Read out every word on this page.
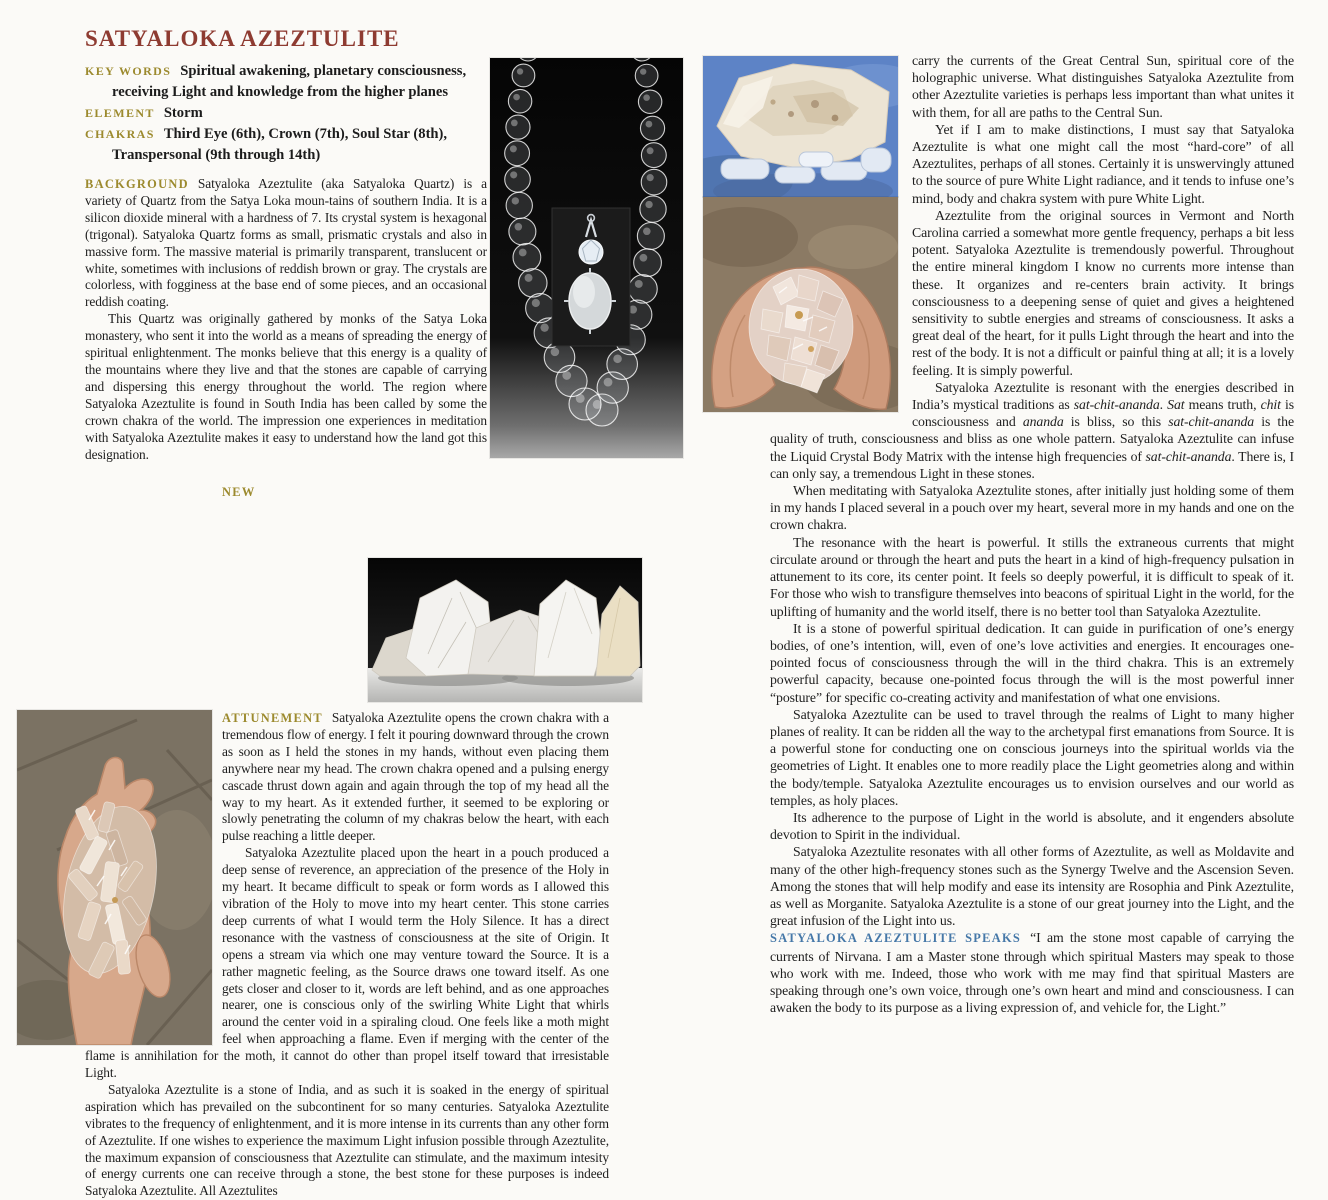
SATYALOKA AZEZTULITE
KEY WORDS Spiritual awakening, planetary consciousness, receiving Light and knowledge from the higher planes
ELEMENT Storm
CHAKRAS Third Eye (6th), Crown (7th), Soul Star (8th), Transpersonal (9th through 14th)

BACKGROUND Satyaloka Azeztulite (aka Satyaloka Quartz) is a variety of Quartz from the Satya Loka moun-tains of southern India. It is a silicon dioxide mineral with a hardness of 7. Its crystal system is hexagonal (trigonal). Satyaloka Quartz forms as small, prismatic crystals and also in massive form. The massive material is primarily transparent, translucent or white, sometimes with inclusions of reddish brown or gray. The crystals are colorless, with fogginess at the base end of some pieces, and an occasional reddish coating.

This Quartz was originally gathered by monks of the Satya Loka monastery, who sent it into the world as a means of spreading the energy of spiritual enlightenment. The monks believe that this energy is a quality of the mountains where they live and that the stones are capable of carrying and dispersing this energy throughout the world. The region where Satyaloka Azeztulite is found in South India has been called by some the crown chakra of the world. The impression one experiences in meditation with Satyaloka Azeztulite makes it easy to understand how the land got this designation.

NEW ATTUNEMENT Satyaloka Azeztulite opens the crown chakra with a tremendous flow of energy. I felt it pouring downward through the crown as soon as I held the stones in my hands, without even placing them anywhere near my head. The crown chakra opened and a pulsing energy cascade thrust down again and again through the top of my head all the way to my heart. As it extended further, it seemed to be exploring or slowly penetrating the column of my chakras below the heart, with each pulse reaching a little deeper.

Satyaloka Azeztulite placed upon the heart in a pouch produced a deep sense of reverence, an appreciation of the presence of the Holy in my heart. It became difficult to speak or form words as I allowed this vibration of the Holy to move into my heart center. This stone carries deep currents of what I would term the Holy Silence. It has a direct resonance with the vastness of consciousness at the site of Origin. It opens a stream via which one may venture toward the Source. It is a rather magnetic feeling, as the Source draws one toward itself. As one gets closer and closer to it, words are left behind, and as one approaches nearer, one is conscious only of the swirling White Light that whirls around the center void in a spiraling cloud. One feels like a moth might feel when approaching a flame. Even if merging with the center of the flame is annihilation for the moth, it cannot do other than propel itself toward that irresistable Light.

Satyaloka Azeztulite is a stone of India, and as such it is soaked in the energy of spiritual aspiration which has prevailed on the subcontinent for so many centuries. Satyaloka Azeztulite vibrates to the frequency of enlightenment, and it is more intense in its currents than any other form of Azeztulite. If one wishes to experience the maximum Light infusion possible through Azeztulite, the maximum expansion of consciousness that Azeztulite can stimulate, and the maximum intesity of energy currents one can receive through a stone, the best stone for these purposes is indeed Satyaloka Azeztulite. All Azeztulites

carry the currents of the Great Central Sun, spiritual core of the holographic universe. What distinguishes Satyaloka Azeztulite from other Azeztulite varieties is perhaps less important than what unites it with them, for all are paths to the Central Sun.

Yet if I am to make distinctions, I must say that Satyaloka Azeztulite is what one might call the most “hard-core” of all Azeztulites, perhaps of all stones. Certainly it is unswervingly attuned to the source of pure White Light radiance, and it tends to infuse one’s mind, body and chakra system with pure White Light.

Azeztulite from the original sources in Vermont and North Carolina carried a somewhat more gentle frequency, perhaps a bit less potent. Satyaloka Azeztulite is tremendously powerful. Throughout the entire mineral kingdom I know no currents more intense than these. It organizes and re-centers brain activity. It brings consciousness to a deepening sense of quiet and gives a heightened sensitivity to subtle energies and streams of consciousness. It asks a great deal of the heart, for it pulls Light through the heart and into the rest of the body. It is not a difficult or painful thing at all; it is a lovely feeling. It is simply powerful.

Satyaloka Azeztulite is resonant with the energies described in India’s mystical traditions as sat-chit-ananda. Sat means truth, chit is consciousness and ananda is bliss, so this sat-chit-ananda is the quality of truth, consciousness and bliss as one whole pattern. Satyaloka Azeztulite can infuse the Liquid Crystal Body Matrix with the intense high frequencies of sat-chit-ananda. There is, I can only say, a tremendous Light in these stones.

When meditating with Satyaloka Azeztulite stones, after initially just holding some of them in my hands I placed several in a pouch over my heart, several more in my hands and one on the crown chakra.

The resonance with the heart is powerful. It stills the extraneous currents that might circulate around or through the heart and puts the heart in a kind of high-frequency pulsation in attunement to its core, its center point. It feels so deeply powerful, it is difficult to speak of it. For those who wish to transfigure themselves into beacons of spiritual Light in the world, for the uplifting of humanity and the world itself, there is no better tool than Satyaloka Azeztulite.

It is a stone of powerful spiritual dedication. It can guide in purification of one’s energy bodies, of one’s intention, will, even of one’s love activities and energies. It encourages one-pointed focus of consciousness through the will in the third chakra. This is an extremely powerful capacity, because one-pointed focus through the will is the most powerful inner “posture” for specific co-creating activity and manifestation of what one envisions.

Satyaloka Azeztulite can be used to travel through the realms of Light to many higher planes of reality. It can be ridden all the way to the archetypal first emanations from Source. It is a powerful stone for conducting one on conscious journeys into the spiritual worlds via the geometries of Light. It enables one to more readily place the Light geometries along and within the body/temple. Satyaloka Azeztulite encourages us to envision ourselves and our world as temples, as holy places.

Its adherence to the purpose of Light in the world is absolute, and it engenders absolute devotion to Spirit in the individual.

Satyaloka Azeztulite resonates with all other forms of Azeztulite, as well as Moldavite and many of the other high-frequency stones such as the Synergy Twelve and the Ascension Seven. Among the stones that will help modify and ease its intensity are Rosophia and Pink Azeztulite, as well as Morganite. Satyaloka Azeztulite is a stone of our great journey into the Light, and the great infusion of the Light into us.

SATYALOKA AZEZTULITE SPEAKS “I am the stone most capable of carrying the currents of Nirvana. I am a Master stone through which spiritual Masters may speak to those who work with me. Indeed, those who work with me may find that spiritual Masters are speaking through one’s own voice, through one’s own heart and mind and consciousness. I can awaken the body to its purpose as a living expression of, and vehicle for, the Light.”
